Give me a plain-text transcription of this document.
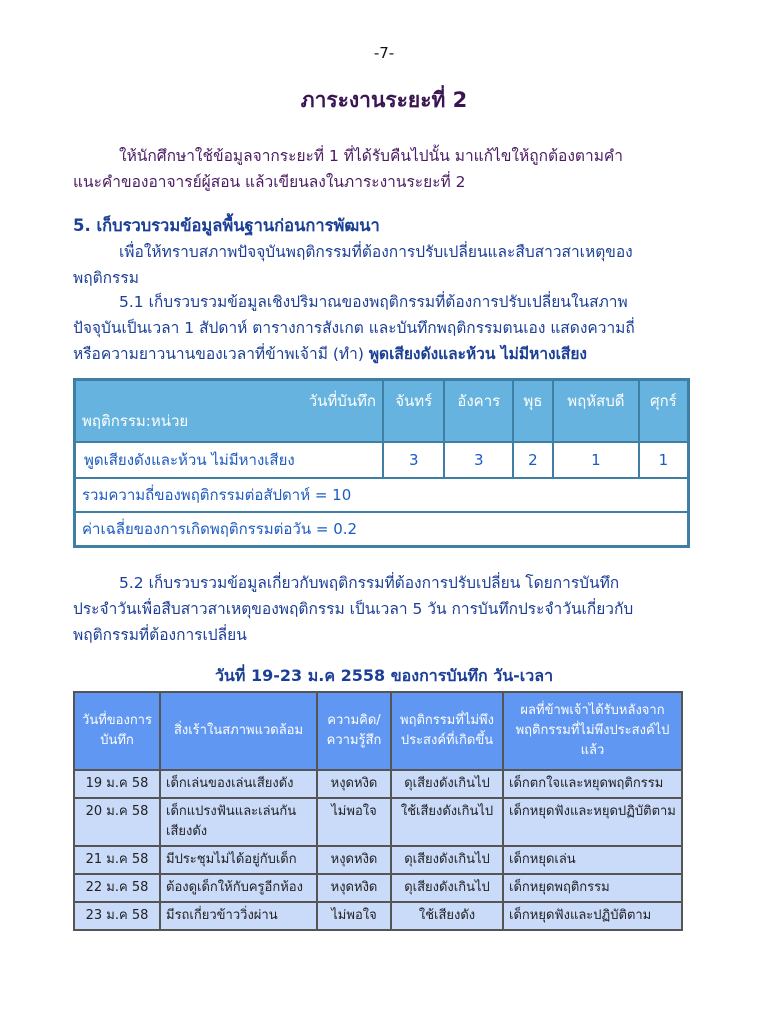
-7-
ภาระงานระยะที่ 2
ให้นักศึกษาใช้ข้อมูลจากระยะที่ 1 ที่ได้รับคืนไปนั้น มาแก้ไขให้ถูกต้องตามคำ
แนะคำของอาจารย์ผู้สอน แล้วเขียนลงในภาระงานระยะที่ 2
5. เก็บรวบรวมข้อมูลพื้นฐานก่อนการพัฒนา
เพื่อให้ทราบสภาพปัจจุบันพฤติกรรมที่ต้องการปรับเปลี่ยนและสืบสาวสาเหตุของ
พฤติกรรม
5.1 เก็บรวบรวมข้อมูลเชิงปริมาณของพฤติกรรมที่ต้องการปรับเปลี่ยนในสภาพ
ปัจจุบันเป็นเวลา 1 สัปดาห์ ตารางการสังเกต และบันทึกพฤติกรรมตนเอง แสดงความถี่
หรือความยาวนานของเวลาที่ข้าพเจ้ามี (ทำ) พูดเสียงดังและห้วน ไม่มีหางเสียง
วันที่บันทึก
พฤติกรรม:หน่วย	จันทร์	อังคาร	พุธ	พฤหัสบดี	ศุกร์
พูดเสียงดังและห้วน ไม่มีหางเสียง	3	3	2	1	1
รวมความถี่ของพฤติกรรมต่อสัปดาห์ = 10					
ค่าเฉลี่ยของการเกิดพฤติกรรมต่อวัน = 0.2					
5.2 เก็บรวบรวมข้อมูลเกี่ยวกับพฤติกรรมที่ต้องการปรับเปลี่ยน โดยการบันทึก
ประจำวันเพื่อสืบสาวสาเหตุของพฤติกรรม เป็นเวลา 5 วัน การบันทึกประจำวันเกี่ยวกับ
พฤติกรรมที่ต้องการเปลี่ยน
วันที่ 19-23 ม.ค 2558 ของการบันทึก วัน-เวลา
วันที่ของการบันทึก	สิ่งเร้าในสภาพแวดล้อม	ความคิด/ความรู้สึก	พฤติกรรมที่ไม่พึงประสงค์ที่เกิดขึ้น	ผลที่ข้าพเจ้าได้รับหลังจากพฤติกรรมที่ไม่พึงประสงค์ไปแล้ว
19 ม.ค 58	เด็กเล่นของเล่นเสียงดัง	หงุดหงิด	ดุเสียงดังเกินไป	เด็กตกใจและหยุดพฤติกรรม
20 ม.ค 58	เด็กแปรงฟันและเล่นกันเสียงดัง	ไม่พอใจ	ใช้เสียงดังเกินไป	เด็กหยุดฟังและหยุดปฏิบัติตาม
21 ม.ค 58	มีประชุมไม่ได้อยู่กับเด็ก	หงุดหงิด	ดุเสียงดังเกินไป	เด็กหยุดเล่น
22 ม.ค 58	ต้องดูเด็กให้กับครูอีกห้อง	หงุดหงิด	ดุเสียงดังเกินไป	เด็กหยุดพฤติกรรม
23 ม.ค 58	มีรถเกี่ยวข้าววิ่งผ่าน	ไม่พอใจ	ใช้เสียงดัง	เด็กหยุดฟังและปฏิบัติตาม
